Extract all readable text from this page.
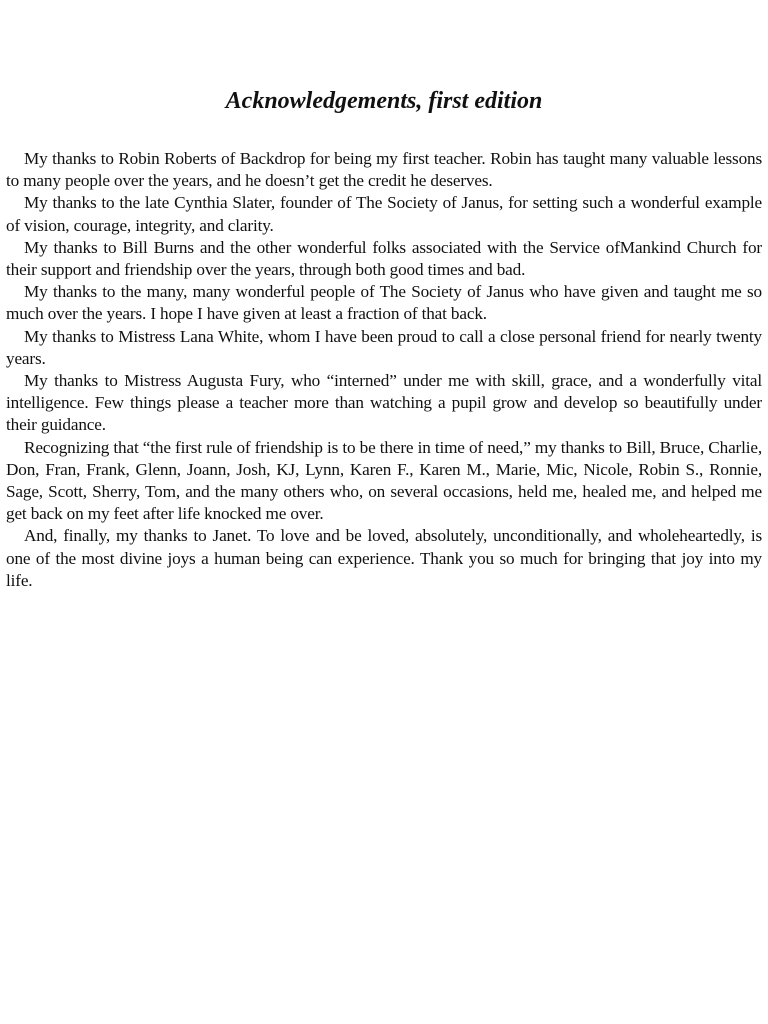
Acknowledgements, first edition

My thanks to Robin Roberts of Backdrop for being my first teacher. Robin has taught many valuable lessons to many people over the years, and he doesn’t get the credit he deserves.

My thanks to the late Cynthia Slater, founder of The Society of Janus, for setting such a wonderful example of vision, courage, integrity, and clarity.

My thanks to Bill Burns and the other wonderful folks associated with the Service ofMankind Church for their support and friendship over the years, through both good times and bad.

My thanks to the many, many wonderful people of The Society of Janus who have given and taught me so much over the years. I hope I have given at least a fraction of that back.

My thanks to Mistress Lana White, whom I have been proud to call a close personal friend for nearly twenty years.

My thanks to Mistress Augusta Fury, who “interned” under me with skill, grace, and a wonderfully vital intelligence. Few things please a teacher more than watching a pupil grow and develop so beautifully under their guidance.

Recognizing that “the first rule of friendship is to be there in time of need,” my thanks to Bill, Bruce, Charlie, Don, Fran, Frank, Glenn, Joann, Josh, KJ, Lynn, Karen F., Karen M., Marie, Mic, Nicole, Robin S., Ronnie, Sage, Scott, Sherry, Tom, and the many others who, on several occasions, held me, healed me, and helped me get back on my feet after life knocked me over.

And, finally, my thanks to Janet. To love and be loved, absolutely, unconditionally, and wholeheartedly, is one of the most divine joys a human being can experience. Thank you so much for bringing that joy into my life.
